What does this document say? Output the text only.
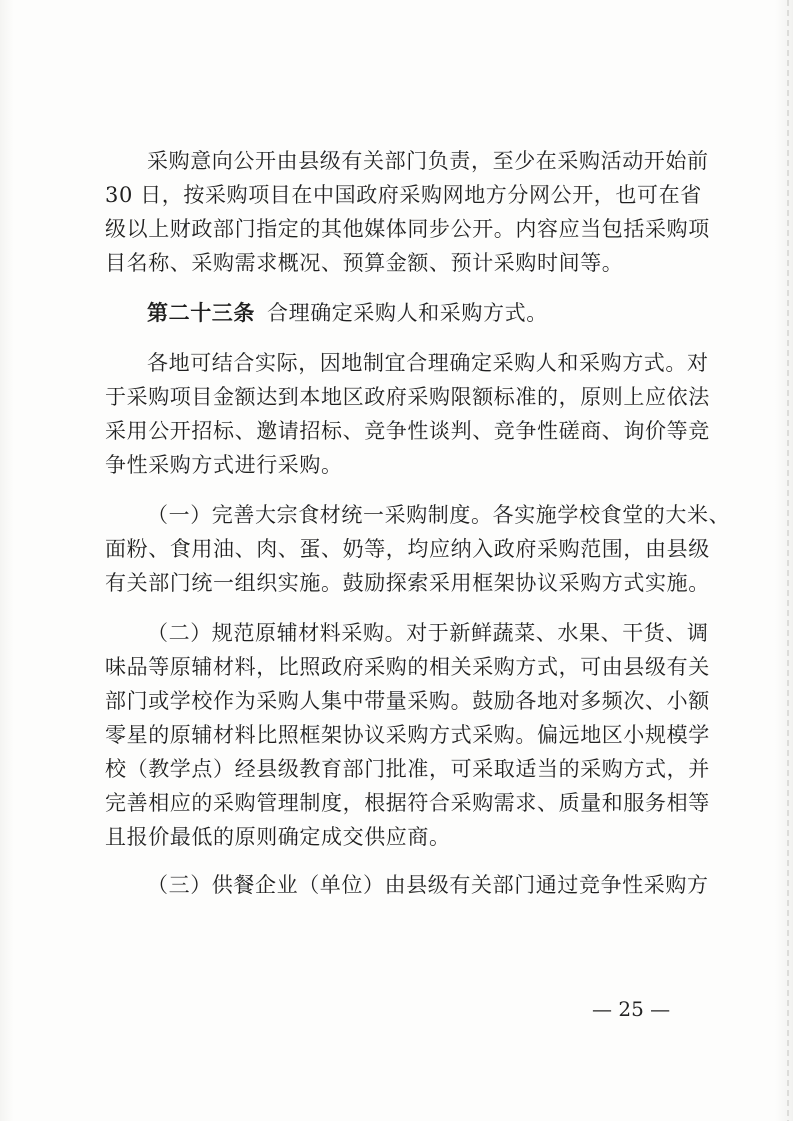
采购意向公开由县级有关部门负责，至少在采购活动开始前

30 日，按采购项目在中国政府采购网地方分网公开，也可在省

级以上财政部门指定的其他媒体同步公开。内容应当包括采购项

目名称、采购需求概况、预算金额、预计采购时间等。

第二十三条 合理确定采购人和采购方式。

各地可结合实际，因地制宜合理确定采购人和采购方式。对

于采购项目金额达到本地区政府采购限额标准的，原则上应依法

采用公开招标、邀请招标、竞争性谈判、竞争性磋商、询价等竞

争性采购方式进行采购。

（一）完善大宗食材统一采购制度。各实施学校食堂的大米、

面粉、食用油、肉、蛋、奶等，均应纳入政府采购范围，由县级

有关部门统一组织实施。鼓励探索采用框架协议采购方式实施。

（二）规范原辅材料采购。对于新鲜蔬菜、水果、干货、调

味品等原辅材料，比照政府采购的相关采购方式，可由县级有关

部门或学校作为采购人集中带量采购。鼓励各地对多频次、小额

零星的原辅材料比照框架协议采购方式采购。偏远地区小规模学

校（教学点）经县级教育部门批准，可采取适当的采购方式，并

完善相应的采购管理制度，根据符合采购需求、质量和服务相等

且报价最低的原则确定成交供应商。

（三）供餐企业（单位）由县级有关部门通过竞争性采购方

— 25 —
